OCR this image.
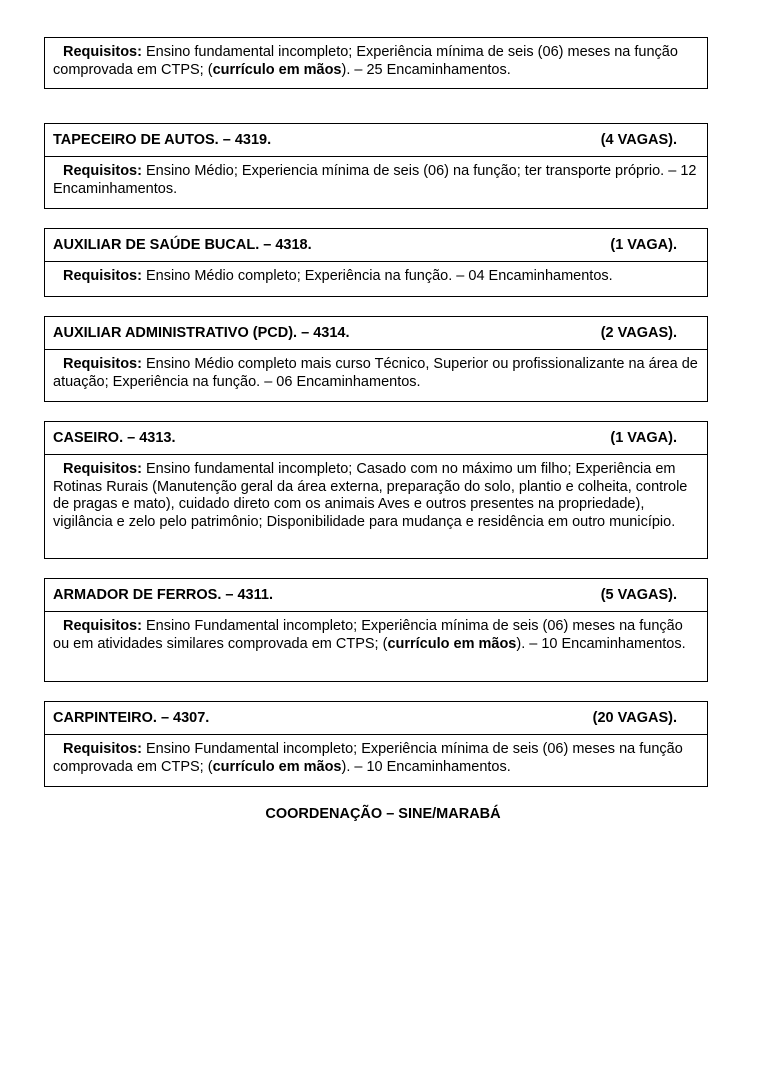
Requisitos: Ensino fundamental incompleto; Experiência mínima de seis (06) meses na função comprovada em CTPS; (currículo em mãos). – 25 Encaminhamentos.

TAPECEIRO DE AUTOS. – 4319.	(4 VAGAS).

Requisitos: Ensino Médio; Experiencia mínima de seis (06) na função; ter transporte próprio. – 12 Encaminhamentos.

AUXILIAR DE SAÚDE BUCAL. – 4318.	(1 VAGA).

Requisitos: Ensino Médio completo; Experiência na função. – 04 Encaminhamentos.

AUXILIAR ADMINISTRATIVO (PCD). – 4314.	(2 VAGAS).

Requisitos: Ensino Médio completo mais curso Técnico, Superior ou profissionalizante na área de atuação; Experiência na função. – 06 Encaminhamentos.

CASEIRO. – 4313.	(1 VAGA).

Requisitos: Ensino fundamental incompleto; Casado com no máximo um filho; Experiência em Rotinas Rurais (Manutenção geral da área externa, preparação do solo, plantio e colheita, controle de pragas e mato), cuidado direto com os animais Aves e outros presentes na propriedade), vigilância e zelo pelo patrimônio; Disponibilidade para mudança e residência em outro município.

ARMADOR DE FERROS. – 4311.	(5 VAGAS).

Requisitos: Ensino Fundamental incompleto; Experiência mínima de seis (06) meses na função ou em atividades similares comprovada em CTPS; (currículo em mãos). – 10 Encaminhamentos.

CARPINTEIRO. – 4307.	(20 VAGAS).

Requisitos: Ensino Fundamental incompleto; Experiência mínima de seis (06) meses na função comprovada em CTPS; (currículo em mãos). – 10 Encaminhamentos.

COORDENAÇÃO – SINE/MARABÁ
